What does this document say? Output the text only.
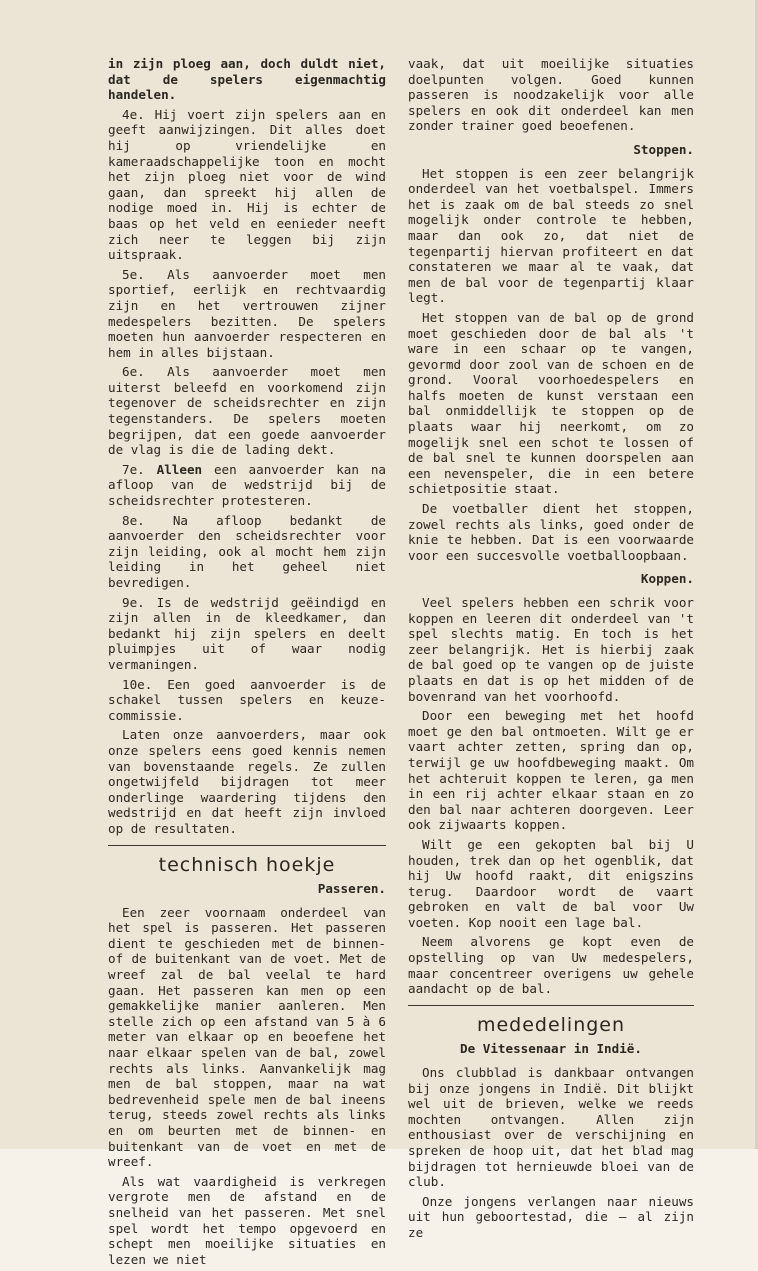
in zijn ploeg aan, doch duldt niet, dat de spelers eigenmachtig handelen.

4e. Hij voert zijn spelers aan en geeft aanwijzingen. Dit alles doet hij op vriendelijke en kameraadschappelijke toon en mocht het zijn ploeg niet voor de wind gaan, dan spreekt hij allen de nodige moed in. Hij is echter de baas op het veld en eenieder neeft zich neer te leggen bij zijn uitspraak.

5e. Als aanvoerder moet men sportief, eerlijk en rechtvaardig zijn en het vertrouwen zijner medespelers bezitten. De spelers moeten hun aanvoerder respecteren en hem in alles bijstaan.

6e. Als aanvoerder moet men uiterst beleefd en voorkomend zijn tegenover de scheidsrechter en zijn tegenstanders. De spelers moeten begrijpen, dat een goede aanvoerder de vlag is die de lading dekt.

7e. Alleen een aanvoerder kan na afloop van de wedstrijd bij de scheidsrechter protesteren.

8e. Na afloop bedankt de aanvoerder den scheidsrechter voor zijn leiding, ook al mocht hem zijn leiding in het geheel niet bevredigen.

9e. Is de wedstrijd geëindigd en zijn allen in de kleedkamer, dan bedankt hij zijn spelers en deelt pluimpjes uit of waar nodig vermaningen.

10e. Een goed aanvoerder is de schakel tussen spelers en keuze-commissie.

Laten onze aanvoerders, maar ook onze spelers eens goed kennis nemen van bovenstaande regels. Ze zullen ongetwijfeld bijdragen tot meer onderlinge waardering tijdens den wedstrijd en dat heeft zijn invloed op de resultaten.

technisch hoekje
Passeren.

Een zeer voornaam onderdeel van het spel is passeren. Het passeren dient te geschieden met de binnen- of de buitenkant van de voet. Met de wreef zal de bal veelal te hard gaan. Het passeren kan men op een gemakkelijke manier aanleren. Men stelle zich op een afstand van 5 à 6 meter van elkaar op en beoefene het naar elkaar spelen van de bal, zowel rechts als links. Aanvankelijk mag men de bal stoppen, maar na wat bedrevenheid spele men de bal ineens terug, steeds zowel rechts als links en om beurten met de binnen- en buitenkant van de voet en met de wreef.

Als wat vaardigheid is verkregen vergrote men de afstand en de snelheid van het passeren. Met snel spel wordt het tempo opgevoerd en schept men moeilijke situaties en lezen we niet

vaak, dat uit moeilijke situaties doelpunten volgen. Goed kunnen passeren is noodzakelijk voor alle spelers en ook dit onderdeel kan men zonder trainer goed beoefenen.

Stoppen.

Het stoppen is een zeer belangrijk onderdeel van het voetbalspel. Immers het is zaak om de bal steeds zo snel mogelijk onder controle te hebben, maar dan ook zo, dat niet de tegenpartij hiervan profiteert en dat constateren we maar al te vaak, dat men de bal voor de tegenpartij klaar legt.

Het stoppen van de bal op de grond moet geschieden door de bal als 't ware in een schaar op te vangen, gevormd door zool van de schoen en de grond. Vooral voorhoedespelers en halfs moeten de kunst verstaan een bal onmiddellijk te stoppen op de plaats waar hij neerkomt, om zo mogelijk snel een schot te lossen of de bal snel te kunnen doorspelen aan een nevenspeler, die in een betere schietpositie staat.

De voetballer dient het stoppen, zowel rechts als links, goed onder de knie te hebben. Dat is een voorwaarde voor een succesvolle voetballoopbaan.

Koppen.

Veel spelers hebben een schrik voor koppen en leeren dit onderdeel van 't spel slechts matig. En toch is het zeer belangrijk. Het is hierbij zaak de bal goed op te vangen op de juiste plaats en dat is op het midden of de bovenrand van het voorhoofd.

Door een beweging met het hoofd moet ge den bal ontmoeten. Wilt ge er vaart achter zetten, spring dan op, terwijl ge uw hoofdbeweging maakt. Om het achteruit koppen te leren, ga men in een rij achter elkaar staan en zo den bal naar achteren doorgeven. Leer ook zijwaarts koppen.

Wilt ge een gekopten bal bij U houden, trek dan op het ogenblik, dat hij Uw hoofd raakt, dit enigszins terug. Daardoor wordt de vaart gebroken en valt de bal voor Uw voeten. Kop nooit een lage bal.

Neem alvorens ge kopt even de opstelling op van Uw medespelers, maar concentreer overigens uw gehele aandacht op de bal.

mededelingen
De Vitessenaar in Indië.

Ons clubblad is dankbaar ontvangen bij onze jongens in Indië. Dit blijkt wel uit de brieven, welke we reeds mochten ontvangen. Allen zijn enthousiast over de verschijning en spreken de hoop uit, dat het blad mag bijdragen tot hernieuwde bloei van de club.

Onze jongens verlangen naar nieuws uit hun geboortestad, die — al zijn ze
